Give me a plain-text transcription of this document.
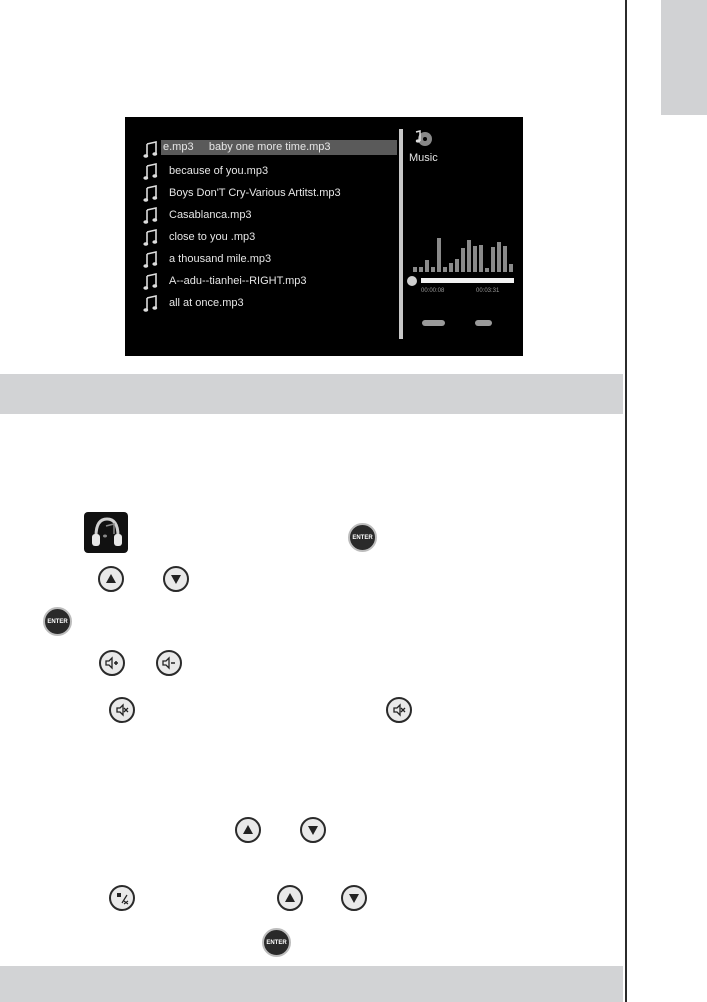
e.mp3     baby one more time.mp3
because of you.mp3
Boys Don'T Cry-Various Artitst.mp3
Casablanca.mp3
close to you .mp3
a thousand mile.mp3
A--adu--tianhei--RIGHT.mp3
all at once.mp3
Music
00:00:08	00:03:31
ENTER
ENTER
ENTER
